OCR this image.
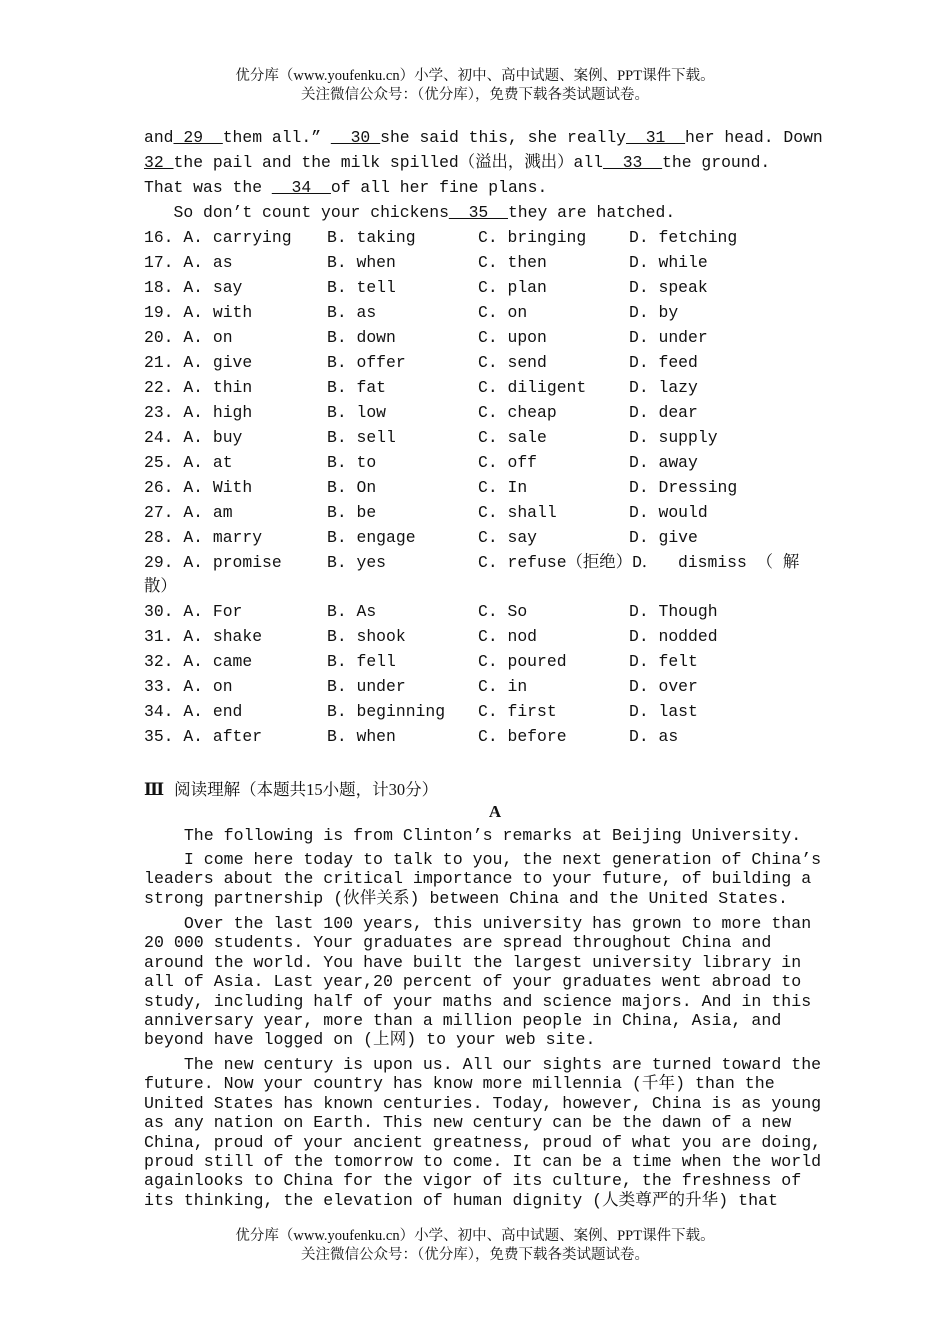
优分库（www.youfenku.cn）小学、初中、高中试题、案例、PPT课件下载。
关注微信公众号：（优分库），免费下载各类试题试卷。
and_29__them all.” __30_she said this, she really__31__her head. Down
32_the pail and the milk spilled（溢出，溅出）all__33__the ground.
That was the __34__of all her fine plans.
So don’t count your chickens__35__they are hatched.
16. A. carrying B. taking	C. bringing	D. fetching
17. A. as	B. when	C. then	D. while
18. A. say	B. tell	C. plan	D. speak
19. A. with	B. as	C. on	D. by
20. A. on	B. down	C. upon	D. under
21. A. give	B. offer	C. send	D. feed
22. A. thin	B. fat	C. diligent	D. lazy
23. A. high	B. low	C. cheap	D. dear
24. A. buy	B. sell	C. sale	D. supply
25. A. at	B. to	C. off	D. away
26. A. With	B. On	C. In	D. Dressing
27. A. am	B. be	C. shall	D. would
28. A. marry	B. engage	C. say	D. give
29. A. promise	B. yes	C. refuse（拒绝）D．  dismiss （ 解
散）
30. A. For	B. As	C. So	D. Though
31. A. shake	B. shook	C. nod	D. nodded
32. A. came	B. fell	C. poured	D. felt
33. A. on	B. under	C. in	D. over
34. A. end	B. beginning C. first	D. last
35. A. after	B. when	C. before	D. as
Ⅲ 阅读理解（本题共15小题，计30分）
A
The following is from Clinton’s remarks at Beijing University.
I come here today to talk to you, the next generation of China’s
leaders about the critical importance to your future, of building a
strong partnership (伙伴关系) between China and the United States.
Over the last 100 years, this university has grown to more than
20 000 students. Your graduates are spread throughout China and
around the world. You have built the largest university library in
all of Asia. Last year,20 percent of your graduates went abroad to
study, including half of your maths and science majors. And in this
anniversary year, more than a million people in China, Asia, and
beyond have logged on (上网) to your web site.
The new century is upon us. All our sights are turned toward the
future. Now your country has know more millennia (千年) than the
United States has known centuries. Today, however, China is as young
as any nation on Earth. This new century can be the dawn of a new
China, proud of your ancient greatness, proud of what you are doing,
proud still of the tomorrow to come. It can be a time when the world
againlooks to China for the vigor of its culture, the freshness of
its thinking, the elevation of human dignity (人类尊严的升华) that
优分库（www.youfenku.cn）小学、初中、高中试题、案例、PPT课件下载。
关注微信公众号：（优分库），免费下载各类试题试卷。
